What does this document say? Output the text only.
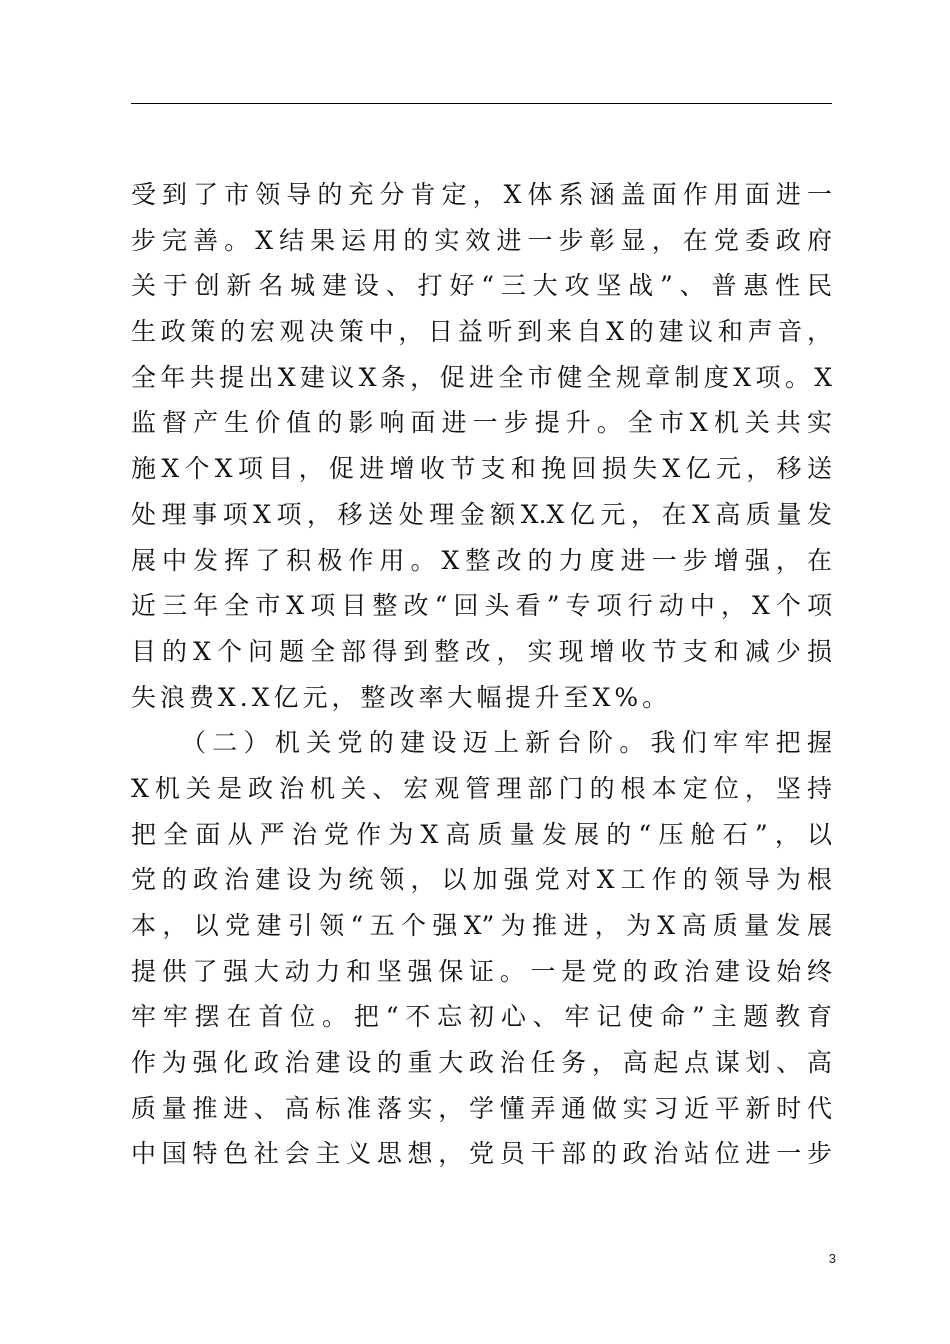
受到了市领导的充分肯定，X体系涵盖面作用面进一
步完善。X结果运用的实效进一步彰显，在党委政府
关于创新名城建设、打好“三大攻坚战”、普惠性民
生政策的宏观决策中，日益听到来自X的建议和声音，
全年共提出X建议X条，促进全市健全规章制度X项。X
监督产生价值的影响面进一步提升。全市X机关共实
施X个X项目，促进增收节支和挽回损失X亿元，移送
处理事项X项，移送处理金额X.X亿元，在X高质量发
展中发挥了积极作用。X整改的力度进一步增强，在
近三年全市X项目整改“回头看”专项行动中，X个项
目的X个问题全部得到整改，实现增收节支和减少损
失浪费X.X亿元，整改率大幅提升至X%。
（二）机关党的建设迈上新台阶。我们牢牢把握
X机关是政治机关、宏观管理部门的根本定位，坚持
把全面从严治党作为X高质量发展的“压舱石”，以
党的政治建设为统领，以加强党对X工作的领导为根
本，以党建引领“五个强X”为推进，为X高质量发展
提供了强大动力和坚强保证。一是党的政治建设始终
牢牢摆在首位。把“不忘初心、牢记使命”主题教育
作为强化政治建设的重大政治任务，高起点谋划、高
质量推进、高标准落实，学懂弄通做实习近平新时代
中国特色社会主义思想，党员干部的政治站位进一步
3
